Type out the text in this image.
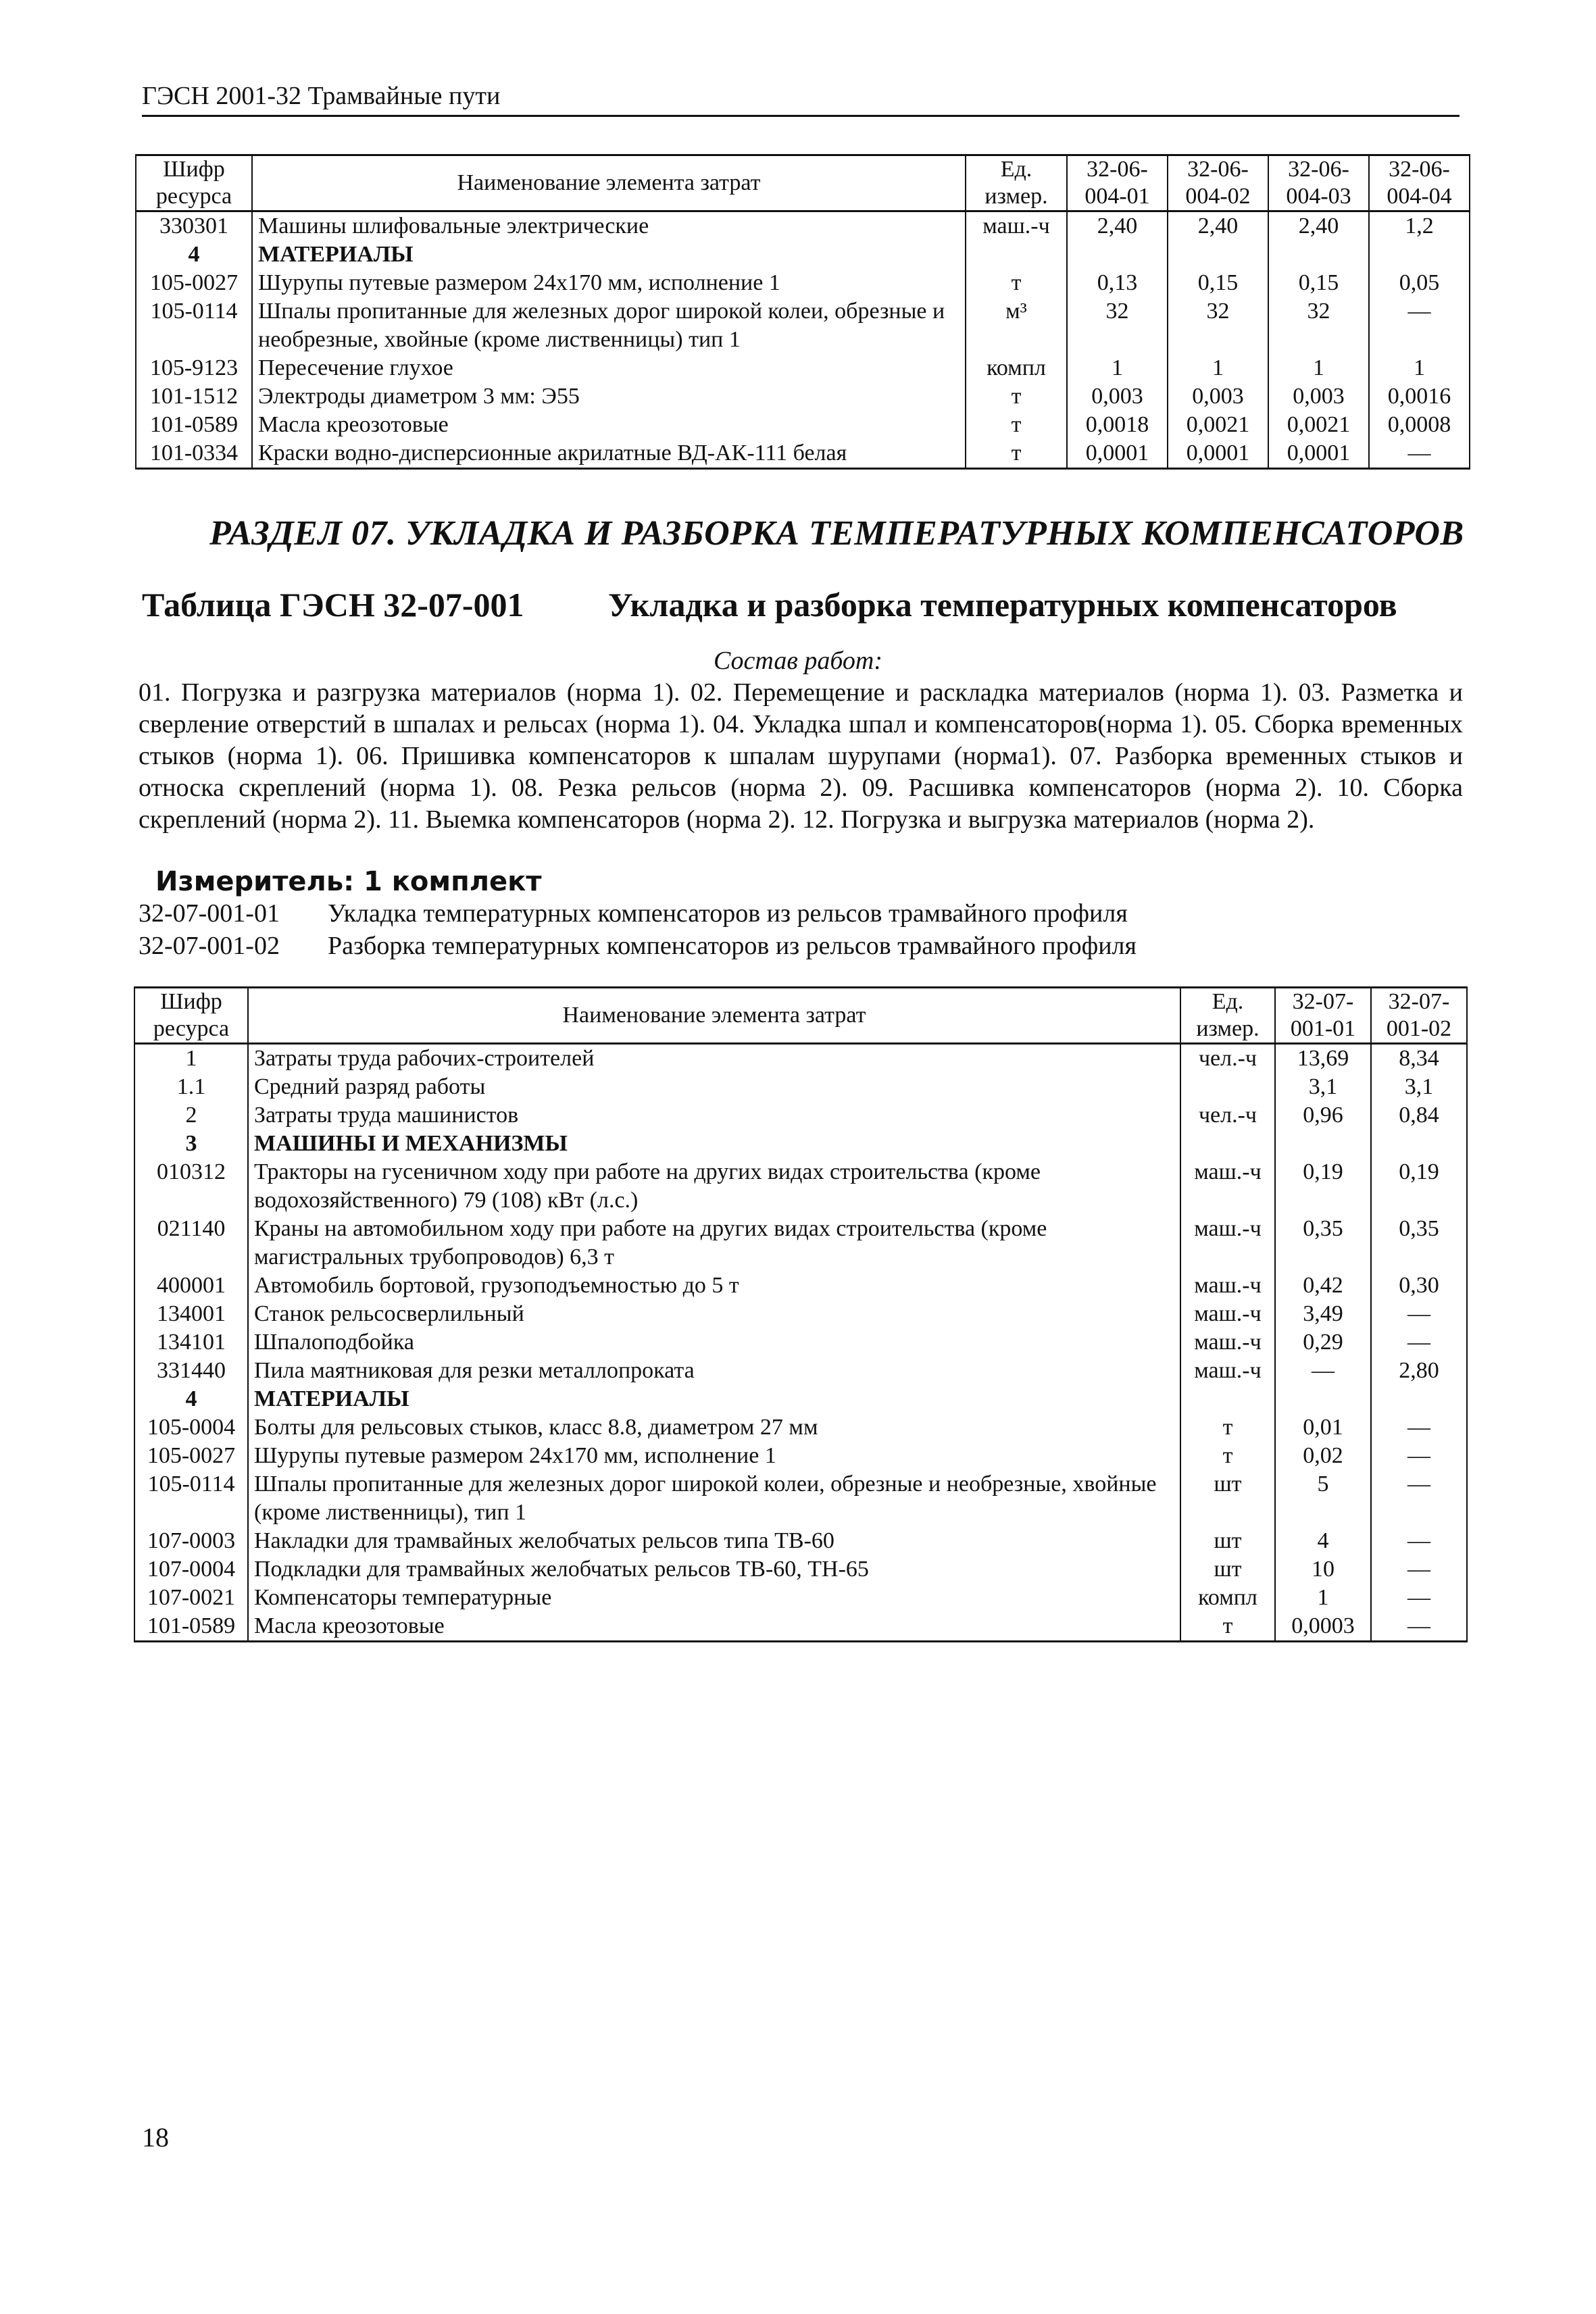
ГЭСН 2001-32 Трамвайные пути
Шифр ресурса	Наименование элемента затрат	Ед. измер.	32-06-004-01	32-06-004-02	32-06-004-03	32-06-004-04
330301	Машины шлифовальные электрические	маш.-ч	2,40	2,40	2,40	1,2
4	МАТЕРИАЛЫ					
105-0027	Шурупы путевые размером 24х170 мм, исполнение 1	т	0,13	0,15	0,15	0,05
105-0114	Шпалы пропитанные для железных дорог широкой колеи, обрезные и необрезные, хвойные (кроме лиственницы) тип 1	м³	32	32	32	—
105-9123	Пересечение глухое	компл	1	1	1	1
101-1512	Электроды диаметром 3 мм: Э55	т	0,003	0,003	0,003	0,0016
101-0589	Масла креозотовые	т	0,0018	0,0021	0,0021	0,0008
101-0334	Краски водно-дисперсионные акрилатные ВД-АК-111 белая	т	0,0001	0,0001	0,0001	—
РАЗДЕЛ 07. УКЛАДКА И РАЗБОРКА ТЕМПЕРАТУРНЫХ КОМПЕНСАТОРОВ
Таблица ГЭСН 32-07-001 Укладка и разборка температурных компенсаторов
Состав работ:
01. Погрузка и разгрузка материалов (норма 1). 02. Перемещение и раскладка материалов (норма 1). 03. Разметка и сверление отверстий в шпалах и рельсах (норма 1). 04. Укладка шпал и компенсаторов(норма 1). 05. Сборка временных стыков (норма 1). 06. Пришивка компенсаторов к шпалам шурупами (норма1). 07. Разборка временных стыков и относка скреплений (норма 1). 08. Резка рельсов (норма 2). 09. Расшивка компенсаторов (норма 2). 10. Сборка скреплений (норма 2). 11. Выемка компенсаторов (норма 2). 12. Погрузка и выгрузка материалов (норма 2).
Измеритель: 1 комплект
32-07-001-01 Укладка температурных компенсаторов из рельсов трамвайного профиля
32-07-001-02 Разборка температурных компенсаторов из рельсов трамвайного профиля
Шифр ресурса	Наименование элемента затрат	Ед. измер.	32-07-001-01	32-07-001-02
1	Затраты труда рабочих-строителей	чел.-ч	13,69	8,34
1.1	Средний разряд работы		3,1	3,1
2	Затраты труда машинистов	чел.-ч	0,96	0,84
3	МАШИНЫ И МЕХАНИЗМЫ			
010312	Тракторы на гусеничном ходу при работе на других видах строительства (кроме водохозяйственного) 79 (108) кВт (л.с.)	маш.-ч	0,19	0,19
021140	Краны на автомобильном ходу при работе на других видах строительства (кроме магистральных трубопроводов) 6,3 т	маш.-ч	0,35	0,35
400001	Автомобиль бортовой, грузоподъемностью до 5 т	маш.-ч	0,42	0,30
134001	Станок рельсосверлильный	маш.-ч	3,49	—
134101	Шпалоподбойка	маш.-ч	0,29	—
331440	Пила маятниковая для резки металлопроката	маш.-ч	—	2,80
4	МАТЕРИАЛЫ			
105-0004	Болты для рельсовых стыков, класс 8.8, диаметром 27 мм	т	0,01	—
105-0027	Шурупы путевые размером 24х170 мм, исполнение 1	т	0,02	—
105-0114	Шпалы пропитанные для железных дорог широкой колеи, обрезные и необрезные, хвойные (кроме лиственницы), тип 1	шт	5	—
107-0003	Накладки для трамвайных желобчатых рельсов типа ТВ-60	шт	4	—
107-0004	Подкладки для трамвайных желобчатых рельсов ТВ-60, ТН-65	шт	10	—
107-0021	Компенсаторы температурные	компл	1	—
101-0589	Масла креозотовые	т	0,0003	—
18
